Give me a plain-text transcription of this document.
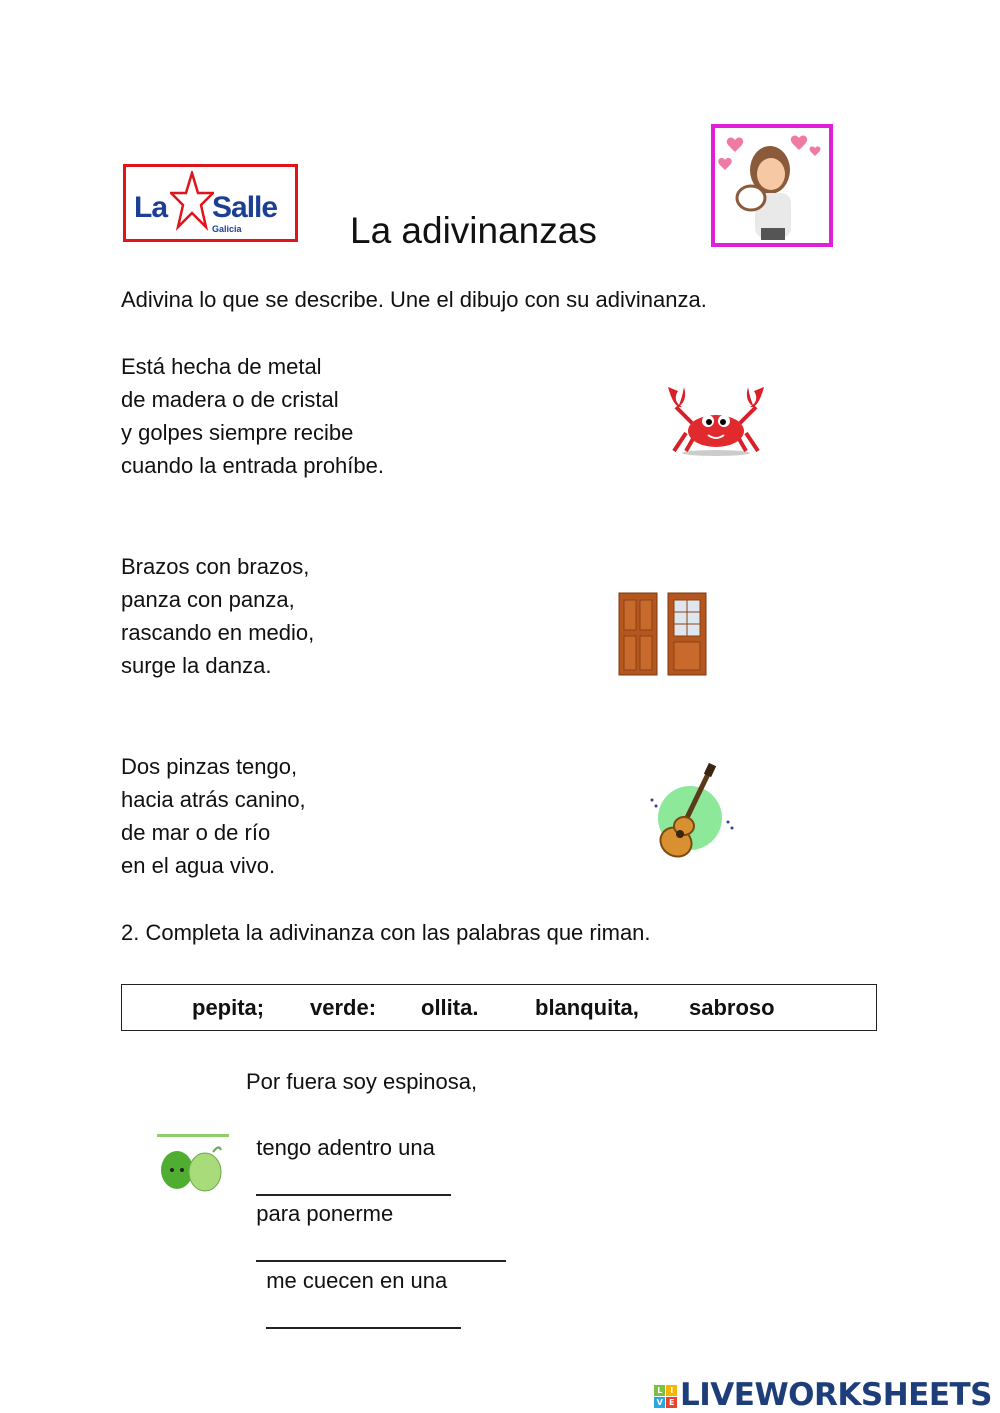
La Salle
Galicia	La adivinanzas
Adivina lo que se describe. Une el dibujo con su adivinanza.
Está hecha de metal
de madera o de cristal
y golpes siempre recibe
cuando la entrada prohíbe.
Brazos con brazos,
panza con panza,
rascando en medio,
surge la danza.
Dos pinzas tengo,
hacia atrás canino,
de mar o de río
en el agua vivo.
2. Completa la adivinanza con las palabras que riman.
pepita; verde: ollita.	blanquita, sabroso
Por fuera soy espinosa,

tengo adentro una

para ponerme

me cuecen en una

L	I
V E LIVEWORKSHEETS
